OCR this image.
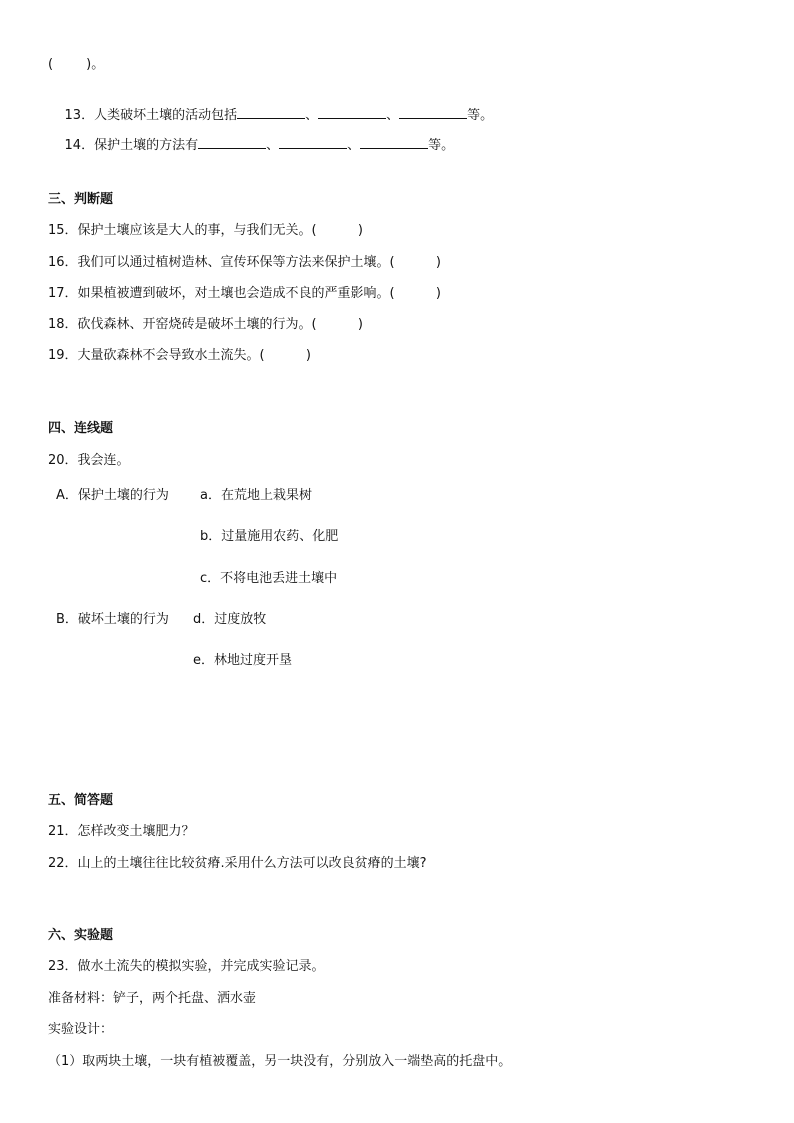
(        )。

13．人类破坏土壤的活动包括	、	、	等。

14．保护土壤的方法有	、	、	等。

三、判断题
15．保护土壤应该是大人的事，与我们无关。(          )
16．我们可以通过植树造林、宣传环保等方法来保护土壤。(          )
17．如果植被遭到破坏，对土壤也会造成不良的严重影响。(          )
18．砍伐森林、开窑烧砖是破坏土壤的行为。(          )
19．大量砍森林不会导致水土流失。(          )
四、连线题
20．我会连。
A．保护土壤的行为
B．破坏土壤的行为
a．在荒地上栽果树
b．过量施用农药、化肥
c．不将电池丢进土壤中
d．过度放牧
e．林地过度开垦
五、简答题
21．怎样改变土壤肥力？
22．山上的土壤往往比较贫瘠.采用什么方法可以改良贫瘠的土壤?
六、实验题
23．做水土流失的模拟实验，并完成实验记录。
准备材料：铲子，两个托盘、洒水壶
实验设计：
（1）取两块土壤，一块有植被覆盖，另一块没有，分别放入一端垫高的托盘中。
